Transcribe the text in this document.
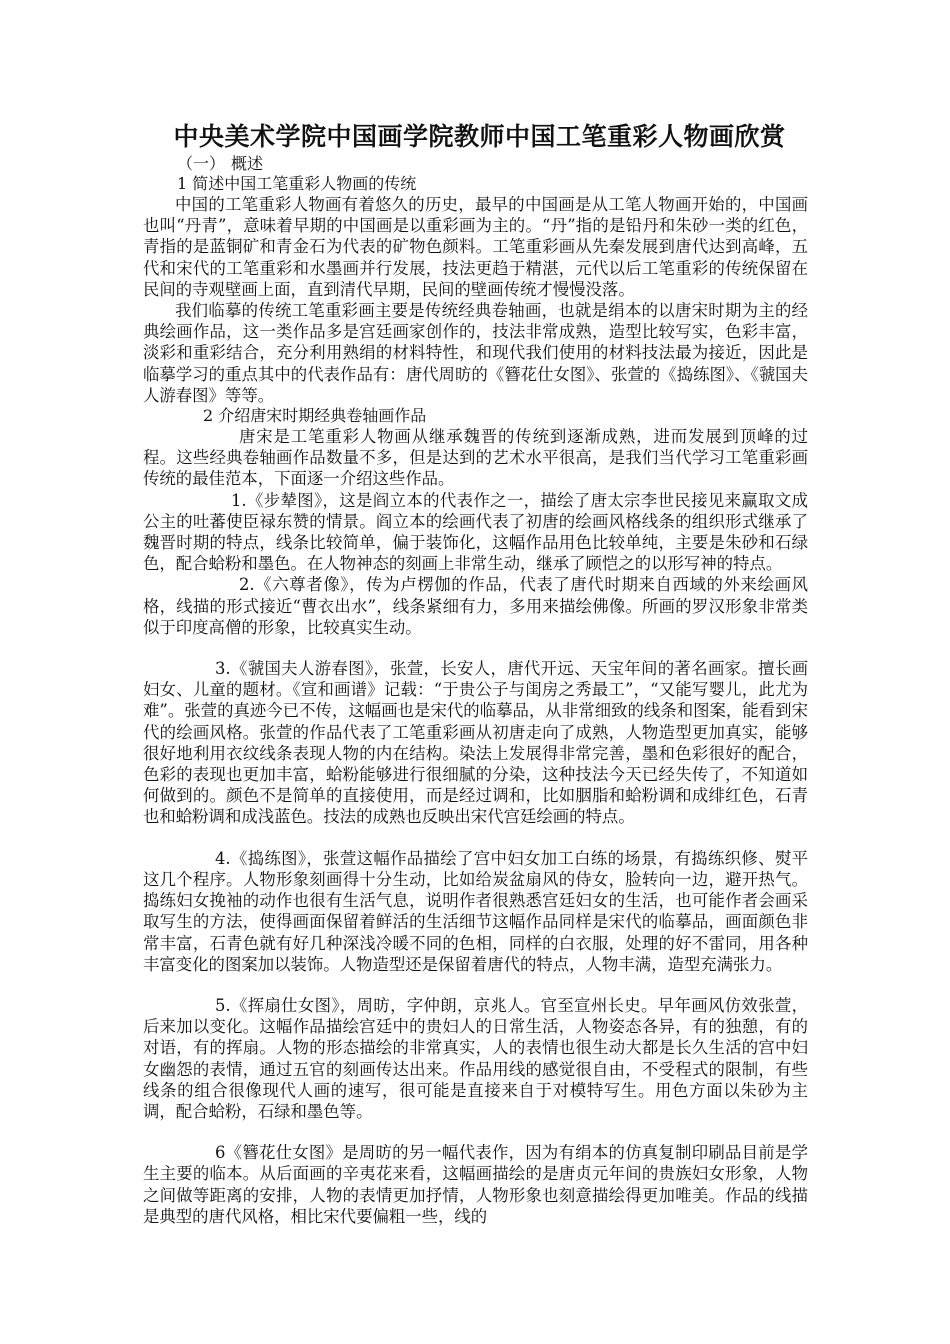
中央美术学院中国画学院教师中国工笔重彩人物画欣赏
（一） 概述
1 简述中国工笔重彩人物画的传统

中国的工笔重彩人物画有着悠久的历史，最早的中国画是从工笔人物画开始的，中国画也叫“丹青”，意味着早期的中国画是以重彩画为主的。“丹”指的是铅丹和朱砂一类的红色，青指的是蓝铜矿和青金石为代表的矿物色颜料。工笔重彩画从先秦发展到唐代达到高峰，五代和宋代的工笔重彩和水墨画并行发展，技法更趋于精湛，元代以后工笔重彩的传统保留在民间的寺观壁画上面，直到清代早期，民间的壁画传统才慢慢没落。

我们临摹的传统工笔重彩画主要是传统经典卷轴画，也就是绢本的以唐宋时期为主的经典绘画作品，这一类作品多是宫廷画家创作的，技法非常成熟，造型比较写实，色彩丰富，淡彩和重彩结合，充分利用熟绢的材料特性，和现代我们使用的材料技法最为接近，因此是临摹学习的重点其中的代表作品有：唐代周昉的《簪花仕女图》、张萱的《捣练图》、《虢国夫人游春图》等等。

2 介绍唐宋时期经典卷轴画作品

唐宋是工笔重彩人物画从继承魏晋的传统到逐渐成熟，进而发展到顶峰的过程。这些经典卷轴画作品数量不多，但是达到的艺术水平很高，是我们当代学习工笔重彩画传统的最佳范本，下面逐一介绍这些作品。

1.《步辇图》，这是阎立本的代表作之一，描绘了唐太宗李世民接见来赢取文成公主的吐蕃使臣禄东赞的情景。阎立本的绘画代表了初唐的绘画风格线条的组织形式继承了魏晋时期的特点，线条比较简单，偏于装饰化，这幅作品用色比较单纯，主要是朱砂和石绿色，配合蛤粉和墨色。在人物神态的刻画上非常生动，继承了顾恺之的以形写神的特点。

2.《六尊者像》，传为卢楞伽的作品，代表了唐代时期来自西域的外来绘画风格，线描的形式接近“曹衣出水”，线条紧细有力，多用来描绘佛像。所画的罗汉形象非常类似于印度高僧的形象，比较真实生动。

3.《虢国夫人游春图》，张萱，长安人，唐代开远、天宝年间的著名画家。擅长画妇女、儿童的题材。《宣和画谱》记载：“于贵公子与闺房之秀最工”，“又能写婴儿，此尤为难”。张萱的真迹今已不传，这幅画也是宋代的临摹品，从非常细致的线条和图案，能看到宋代的绘画风格。张萱的作品代表了工笔重彩画从初唐走向了成熟，人物造型更加真实，能够很好地利用衣纹线条表现人物的内在结构。染法上发展得非常完善，墨和色彩很好的配合，色彩的表现也更加丰富，蛤粉能够进行很细腻的分染，这种技法今天已经失传了，不知道如何做到的。颜色不是简单的直接使用，而是经过调和，比如胭脂和蛤粉调和成绯红色，石青也和蛤粉调和成浅蓝色。技法的成熟也反映出宋代宫廷绘画的特点。

4.《捣练图》，张萱这幅作品描绘了宫中妇女加工白练的场景，有捣练织修、熨平这几个程序。人物形象刻画得十分生动，比如给炭盆扇风的侍女，脸转向一边，避开热气。捣练妇女挽袖的动作也很有生活气息，说明作者很熟悉宫廷妇女的生活，也可能作者会画采取写生的方法，使得画面保留着鲜活的生活细节这幅作品同样是宋代的临摹品，画面颜色非常丰富，石青色就有好几种深浅冷暖不同的色相，同样的白衣服，处理的好不雷同，用各种丰富变化的图案加以装饰。人物造型还是保留着唐代的特点，人物丰满，造型充满张力。

5.《挥扇仕女图》，周昉，字仲朗，京兆人。官至宣州长史。早年画风仿效张萱，后来加以变化。这幅作品描绘宫廷中的贵妇人的日常生活，人物姿态各异，有的独憩，有的对语，有的挥扇。人物的形态描绘的非常真实，人的表情也很生动大都是长久生活的宫中妇女幽怨的表情，通过五官的刻画传达出来。作品用线的感觉很自由，不受程式的限制，有些线条的组合很像现代人画的速写，很可能是直接来自于对模特写生。用色方面以朱砂为主调，配合蛤粉，石绿和墨色等。

6《簪花仕女图》是周昉的另一幅代表作，因为有绢本的仿真复制印刷品目前是学生主要的临本。从后面画的辛夷花来看，这幅画描绘的是唐贞元年间的贵族妇女形象，人物之间做等距离的安排，人物的表情更加抒情，人物形象也刻意描绘得更加唯美。作品的线描是典型的唐代风格，相比宋代要偏粗一些，线的
